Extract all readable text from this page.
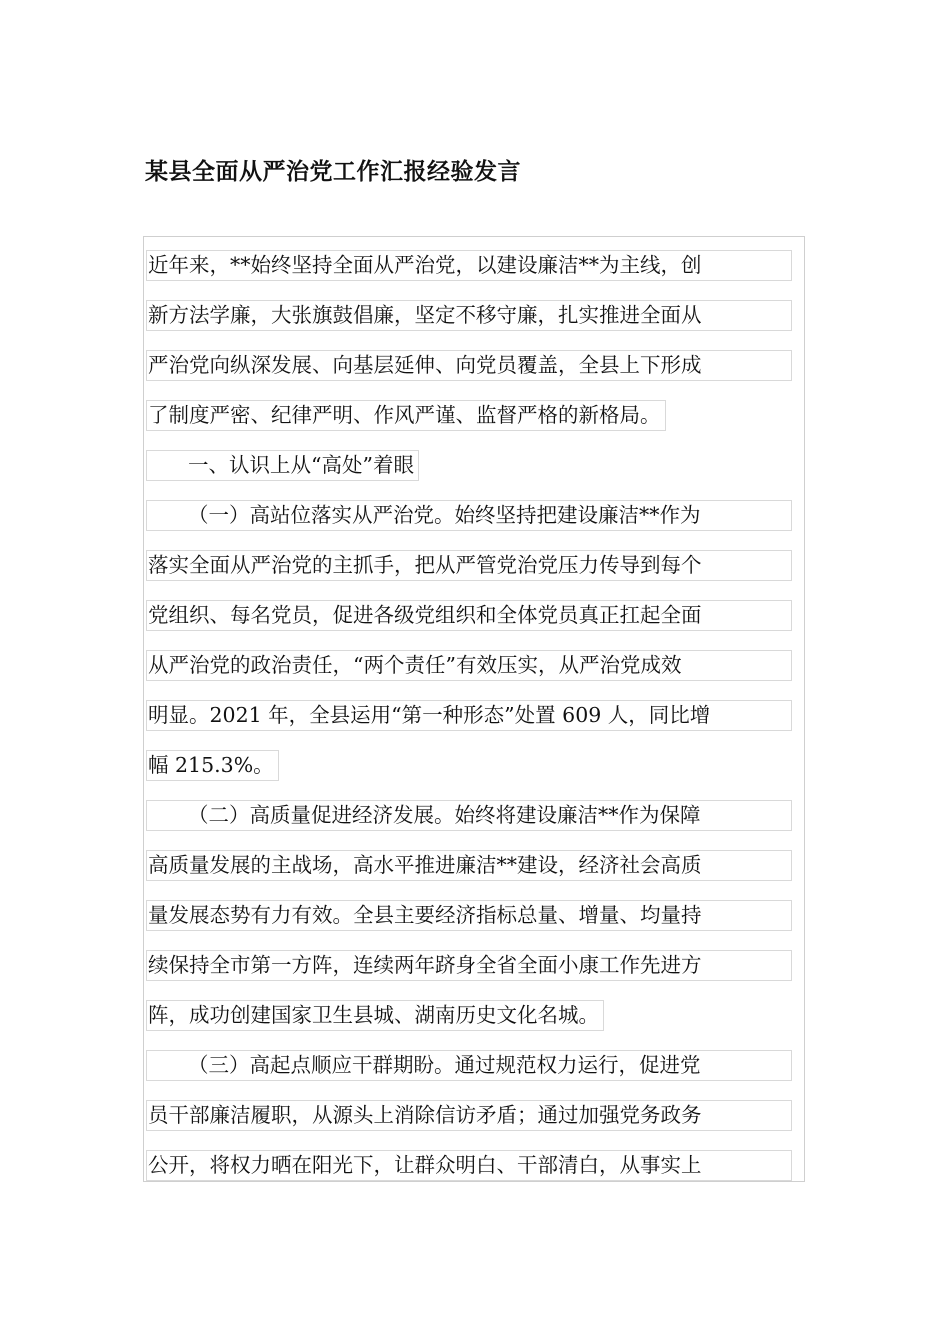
某县全面从严治党工作汇报经验发言
近年来，**始终坚持全面从严治党，以建设廉洁**为主线，创
新方法学廉，大张旗鼓倡廉，坚定不移守廉，扎实推进全面从
严治党向纵深发展、向基层延伸、向党员覆盖，全县上下形成
了制度严密、纪律严明、作风严谨、监督严格的新格局。
一、认识上从“高处”着眼
（一）高站位落实从严治党。始终坚持把建设廉洁**作为
落实全面从严治党的主抓手，把从严管党治党压力传导到每个
党组织、每名党员，促进各级党组织和全体党员真正扛起全面
从严治党的政治责任，“两个责任”有效压实，从严治党成效
明显。2021 年，全县运用“第一种形态”处置 609 人，同比增
幅 215.3%。
（二）高质量促进经济发展。始终将建设廉洁**作为保障
高质量发展的主战场，高水平推进廉洁**建设，经济社会高质
量发展态势有力有效。全县主要经济指标总量、增量、均量持
续保持全市第一方阵，连续两年跻身全省全面小康工作先进方
阵，成功创建国家卫生县城、湖南历史文化名城。
（三）高起点顺应干群期盼。通过规范权力运行，促进党
员干部廉洁履职，从源头上消除信访矛盾；通过加强党务政务
公开，将权力晒在阳光下，让群众明白、干部清白，从事实上
